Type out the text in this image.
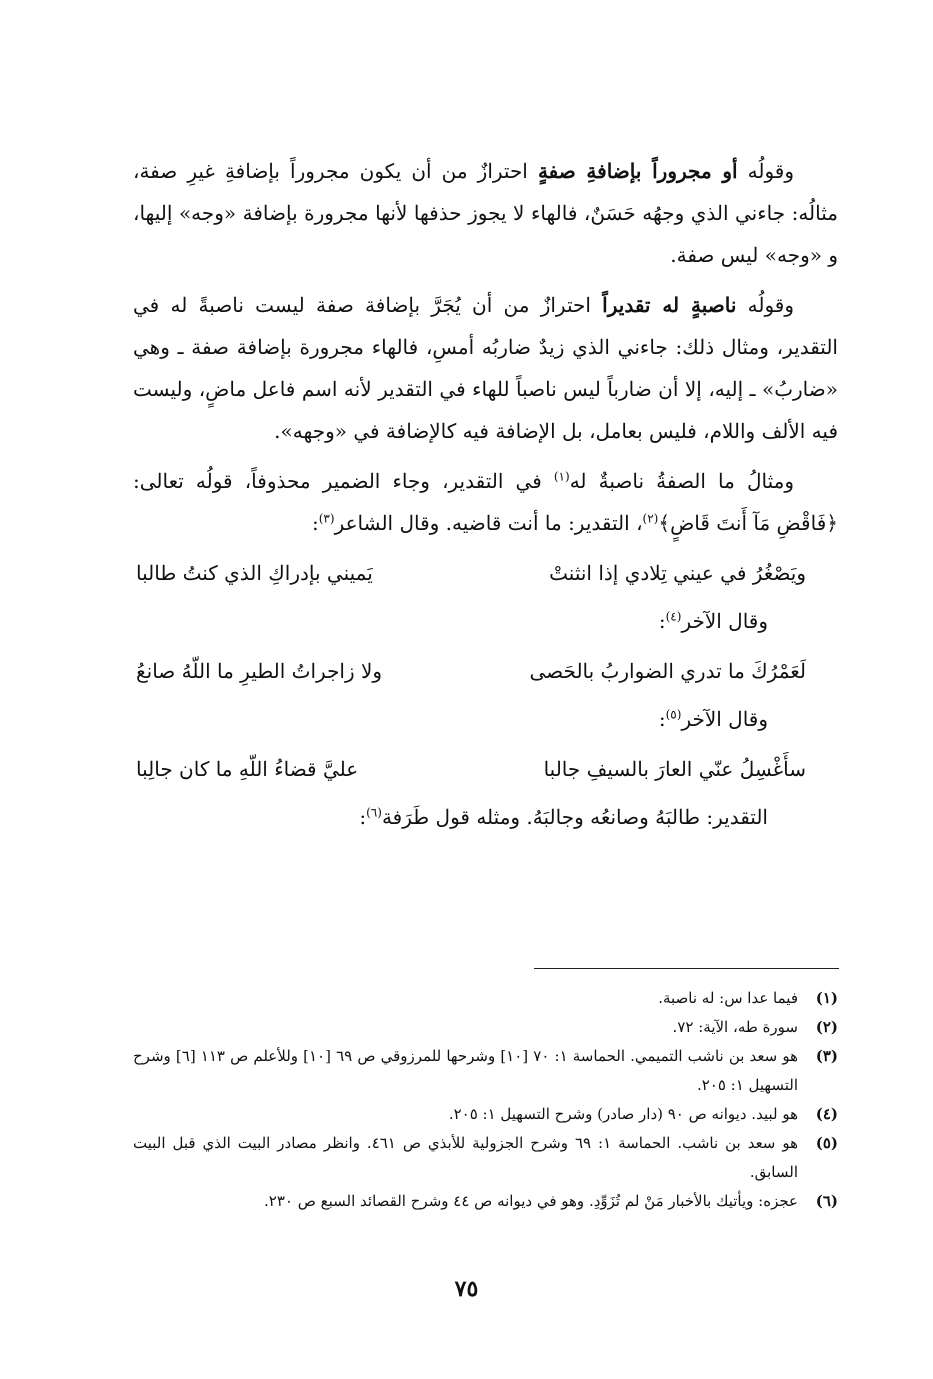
وقولُه أو مجروراً بإضافةِ صفةٍ احترازٌ من أن يكون مجروراً بإضافةِ غيرِ صفة، مثالُه: جاءني الذي وجهُه حَسَنٌ، فالهاء لا يجوز حذفها لأنها مجرورة بإضافة «وجه» إليها، و «وجه» ليس صفة.

وقولُه ناصبةٍ له تقديراً احترازٌ من أن يُجَرَّ بإضافة صفة ليست ناصبةً له في التقدير، ومثال ذلك: جاءني الذي زيدٌ ضاربُه أمسِ، فالهاء مجرورة بإضافة صفة ـ وهي «ضاربُ» ـ إليه، إلا أن ضارباً ليس ناصباً للهاء في التقدير لأنه اسم فاعل ماضٍ، وليست فيه الألف واللام، فليس بعامل، بل الإضافة فيه كالإضافة في «وجهه».

ومثالُ ما الصفةُ ناصبةٌ له$^{(١)}$ في التقدير، وجاء الضمير محذوفاً، قولُه تعالى: ﴿فَاقْضِ مَآ أَنتَ قَاضٍ﴾$^{(٢)}$، التقدير: ما أنت قاضيه. وقال الشاعر$^{(٣)}$:

ويَصْغُرُ في عيني تِلادي إذا انثنتْ
يَميني بإدراكِ الذي كنتُ طالبا

وقال الآخر$^{(٤)}$:

لَعَمْرُكَ ما تدري الضواربُ بالحَصى
ولا زاجراتُ الطيرِ ما اللّهُ صانعُ

وقال الآخر$^{(٥)}$:

سأَغْسِلُ عنّي العارَ بالسيفِ جالبا
عليَّ قضاءُ اللّهِ ما كان جالِبا

التقدير: طالبَهُ وصانعُه وجالبَهُ. ومثله قول طَرَفة$^{(٦)}$:

(١)
فيما عدا س: له ناصبة.
(٢)
سورة طه، الآية: ٧٢.
(٣)
هو سعد بن ناشب التميمي. الحماسة ١: ٧٠ [١٠] وشرحها للمرزوقي ص ٦٩ [١٠] وللأعلم ص ١١٣ [٦] وشرح التسهيل ١: ٢٠٥.
(٤)
هو لبيد. ديوانه ص ٩٠ (دار صادر) وشرح التسهيل ١: ٢٠٥.
(٥)
هو سعد بن ناشب. الحماسة ١: ٦٩ وشرح الجزولية للأبذي ص ٤٦١. وانظر مصادر البيت الذي قبل البيت السابق.
(٦)
عجزه: ويأتيك بالأخبار مَنْ لم تُزَوِّدِ. وهو في ديوانه ص ٤٤ وشرح القصائد السبع ص ٢٣٠.
٧٥
